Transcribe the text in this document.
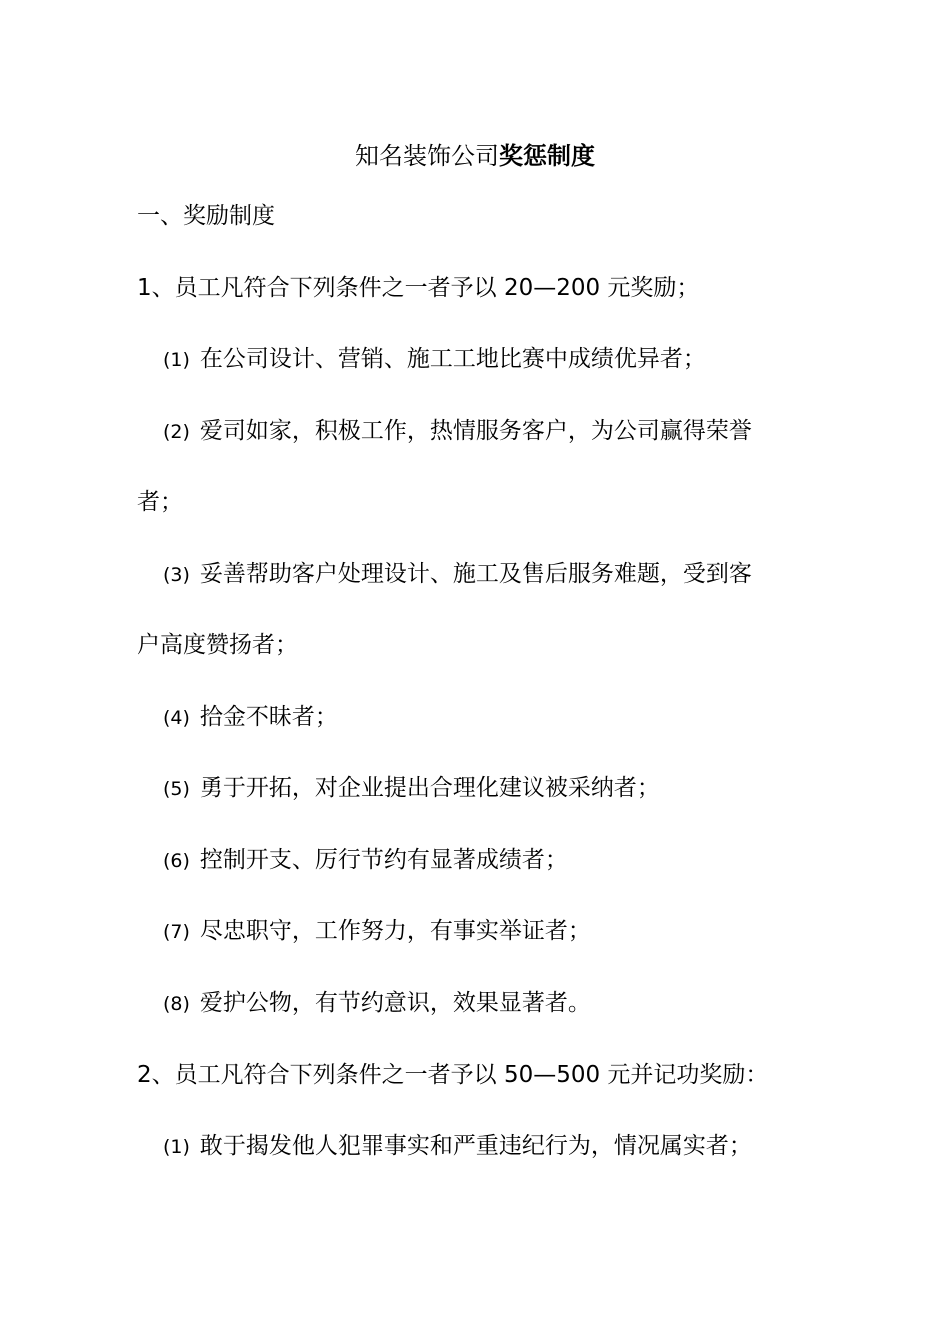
知名装饰公司奖惩制度
一、奖励制度
1、员工凡符合下列条件之一者予以 20—200 元奖励；
(1) 在公司设计、营销、施工工地比赛中成绩优异者；
(2) 爱司如家，积极工作，热情服务客户，为公司赢得荣誉
者；
(3) 妥善帮助客户处理设计、施工及售后服务难题，受到客
户高度赞扬者；
(4) 拾金不昧者；
(5) 勇于开拓，对企业提出合理化建议被采纳者；
(6) 控制开支、厉行节约有显著成绩者；
(7) 尽忠职守，工作努力，有事实举证者；
(8) 爱护公物，有节约意识，效果显著者。
2、员工凡符合下列条件之一者予以 50—500 元并记功奖励：
(1) 敢于揭发他人犯罪事实和严重违纪行为，情况属实者；
